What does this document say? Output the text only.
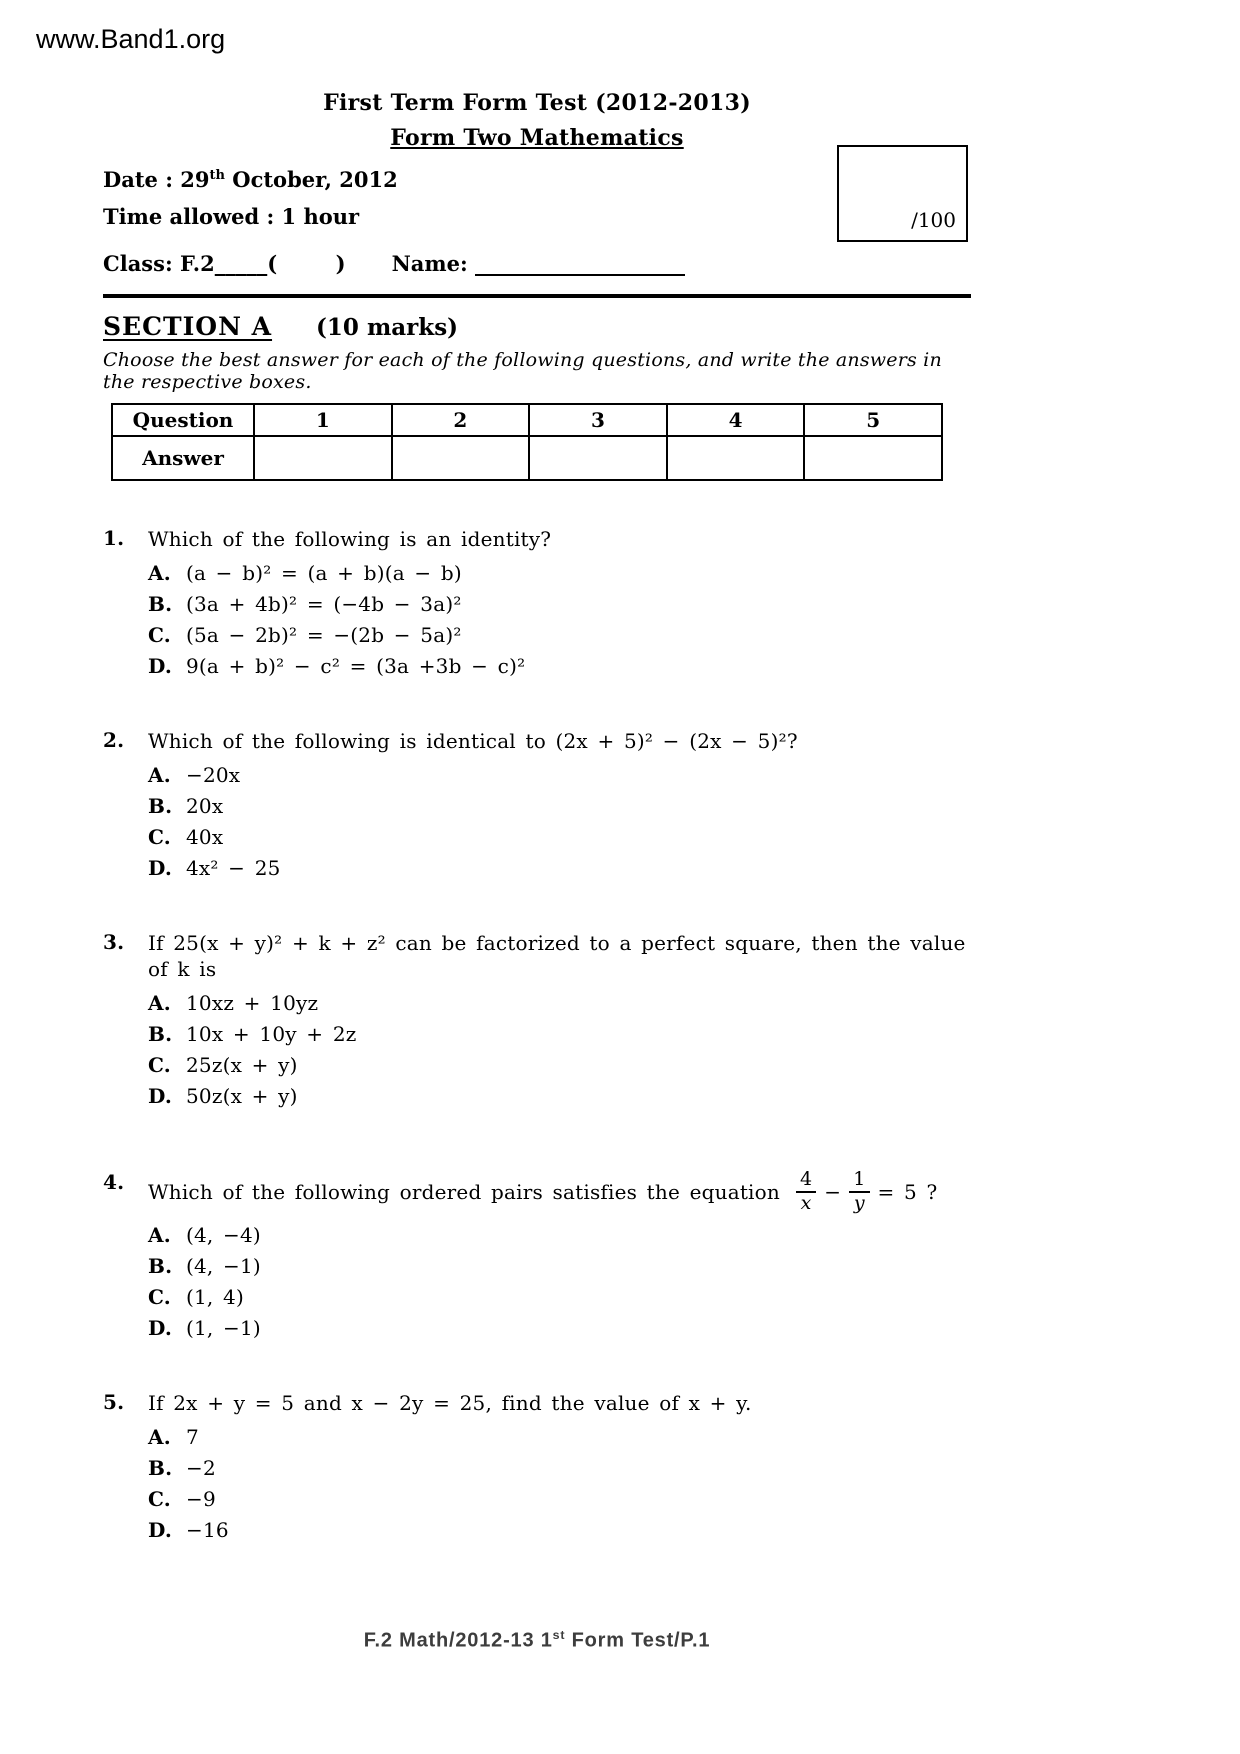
www.Band1.org
/100
First Term Form Test (2012-2013)
Form Two Mathematics
Date : 29th October, 2012
Time allowed : 1 hour
Class: F.2_____(        ) Name: ____________________
SECTION A (10 marks)
Choose the best answer for each of the following questions, and write the answers in the respective boxes.
Question	1	2	3	4	5
Answer					
1.	Which of the following is an identity?
A. (a − b)² = (a + b)(a − b)
B. (3a + 4b)² = (−4b − 3a)²
C. (5a − 2b)² = −(2b − 5a)²
D. 9(a + b)² − c² = (3a +3b − c)²
2.	Which of the following is identical to (2x + 5)² − (2x − 5)²?
A. −20x
B. 20x
C. 40x
D. 4x² − 25
3.	If 25(x + y)² + k + z² can be factorized to a perfect square, then the value of k is
A. 10xz + 10yz
B. 10x + 10y + 2z
C. 25z(x + y)
D. 50z(x + y)
4.	Which of the following ordered pairs satisfies the equation $\frac{4}{x} - \frac{1}{y} = 5$ ?
A. (4, −4)
B. (4, −1)
C. (1, 4)
D. (1, −1)
5.	If 2x + y = 5 and x − 2y = 25, find the value of x + y.
A. 7
B. −2
C. −9
D. −16
F.2 Math/2012-13 1st Form Test/P.1
